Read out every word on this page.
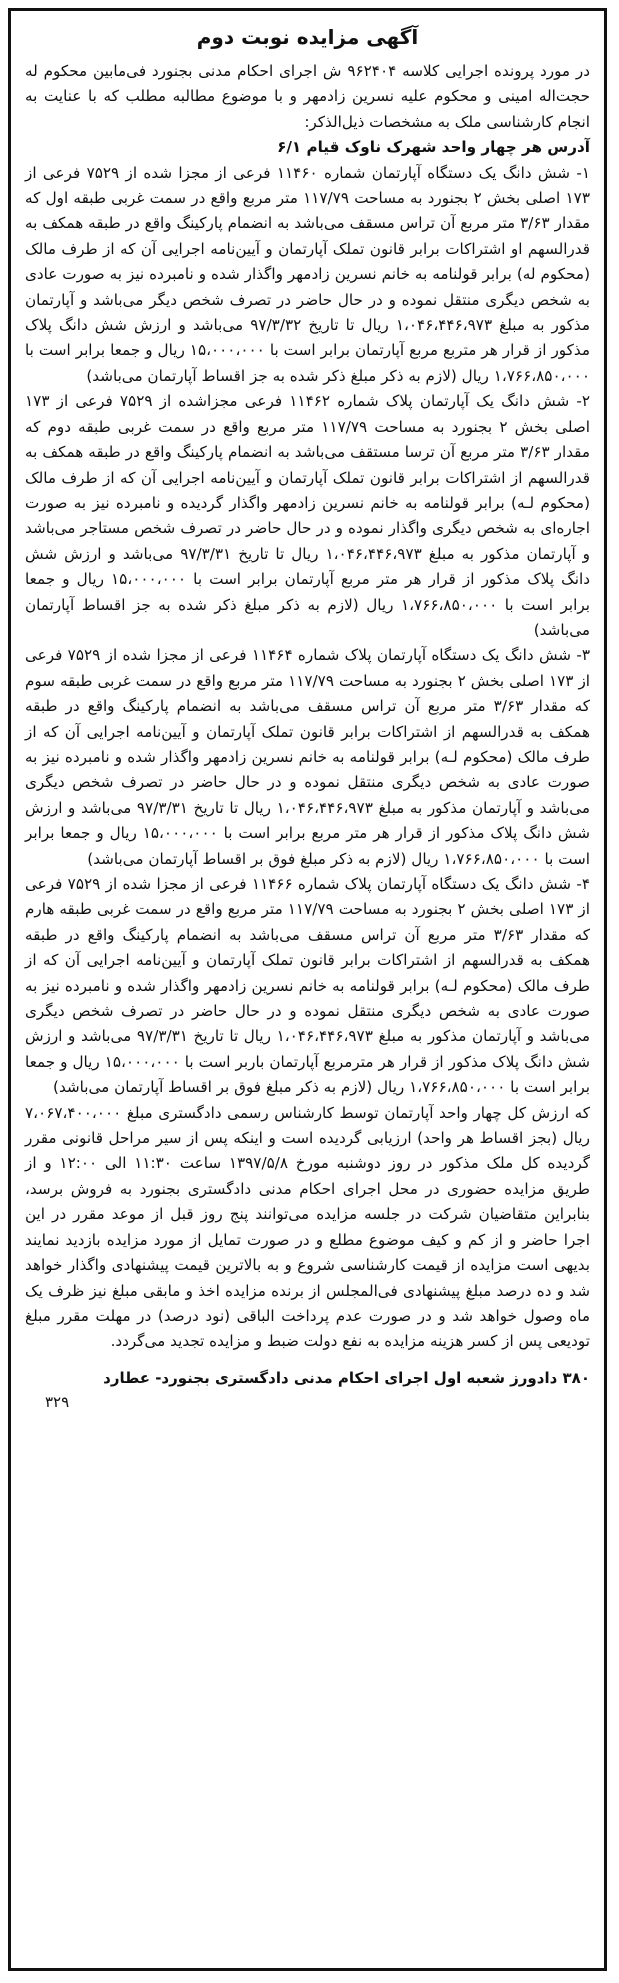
آگهی مزایده نوبت دوم

در مورد پرونده اجرایی کلاسه ۹۶۲۴۰۴ ش اجرای احکام مدنی بجنورد فی‌مابین محکوم له حجت‌اله امینی و محکوم علیه نسرین زادمهر و با موضوع مطالبه مطلب که با عنایت به انجام کارشناسی ملک به مشخصات ذیل‌الذکر:

آدرس هر چهار واحد شهرک ناوک قیام ۶/۱

۱- شش دانگ یک دستگاه آپارتمان شماره ۱۱۴۶۰ فرعی از مجزا شده از ۷۵۲۹ فرعی از ۱۷۳ اصلی بخش ۲ بجنورد به مساحت ۱۱۷/۷۹ متر مربع واقع در سمت غربی طبقه اول که مقدار ۳/۶۳ متر مربع آن تراس مسقف می‌باشد به انضمام پارکینگ واقع در طبقه همکف به قدرالسهم او اشتراکات برابر قانون تملک آپارتمان و آیین‌نامه اجرایی آن که از طرف مالک (محکوم له) برابر قولنامه به خانم نسرین زادمهر واگذار شده و نامبرده نیز به صورت عادی به شخص دیگری منتقل نموده و در حال حاضر در تصرف شخص دیگر می‌باشد و آپارتمان مذکور به مبلغ ۱،۰۴۶،۴۴۶،۹۷۳ ریال تا تاریخ ۹۷/۳/۳۲ می‌باشد و ارزش شش دانگ پلاک مذکور از قرار هر متربع مربع آپارتمان برابر است با ۱۵،۰۰۰،۰۰۰ ریال و جمعا برابر است با ۱،۷۶۶،۸۵۰،۰۰۰ ریال (لازم به ذکر مبلغ ذکر شده به جز اقساط آپارتمان می‌باشد)

۲- شش دانگ یک آپارتمان پلاک شماره ۱۱۴۶۲ فرعی مجزاشده از ۷۵۲۹ فرعی از ۱۷۳ اصلی بخش ۲ بجنورد به مساحت ۱۱۷/۷۹ متر مربع واقع در سمت غربی طبقه دوم که مقدار ۳/۶۳ متر مربع آن ترسا مستقف می‌باشد به انضمام پارکینگ واقع در طبقه همکف به قدرالسهم از اشتراکات برابر قانون تملک آپارتمان و آیین‌نامه اجرایی آن که از طرف مالک (محکوم لـه) برابر قولنامه به خانم نسرین زادمهر واگذار گردیده و نامبرده نیز به صورت اجاره‌ای به شخص دیگری واگذار نموده و در حال حاضر در تصرف شخص مستاجر می‌باشد و آپارتمان مذکور به مبلغ ۱،۰۴۶،۴۴۶،۹۷۳ ریال تا تاریخ ۹۷/۳/۳۱ می‌باشد و ارزش شش دانگ پلاک مذکور از قرار هر متر مربع آپارتمان برابر است با ۱۵،۰۰۰،۰۰۰ ریال و جمعا برابر است با ۱،۷۶۶،۸۵۰،۰۰۰ ریال (لازم به ذکر مبلغ ذکر شده به جز اقساط آپارتمان می‌باشد)

۳- شش دانگ یک دستگاه آپارتمان پلاک شماره ۱۱۴۶۴ فرعی از مجزا شده از ۷۵۲۹ فرعی از ۱۷۳ اصلی بخش ۲ بجنورد به مساحت ۱۱۷/۷۹ متر مربع واقع در سمت غربی طبقه سوم که مقدار ۳/۶۳ متر مربع آن تراس مسقف می‌باشد به انضمام پارکینگ واقع در طبقه همکف به قدرالسهم از اشتراکات برابر قانون تملک آپارتمان و آیین‌نامه اجرایی آن که از طرف مالک (محکوم لـه) برابر قولنامه به خانم نسرین زادمهر واگذار شده و نامبرده نیز به صورت عادی به شخص دیگری منتقل نموده و در حال حاضر در تصرف شخص دیگری می‌باشد و آپارتمان مذکور به مبلغ ۱،۰۴۶،۴۴۶،۹۷۳ ریال تا تاریخ ۹۷/۳/۳۱ می‌باشد و ارزش شش دانگ پلاک مذکور از قرار هر متر مربع برابر است با ۱۵،۰۰۰،۰۰۰ ریال و جمعا برابر است با ۱،۷۶۶،۸۵۰،۰۰۰ ریال (لازم به ذکر مبلغ فوق بر اقساط آپارتمان می‌باشد)

۴- شش دانگ یک دستگاه آپارتمان پلاک شماره ۱۱۴۶۶ فرعی از مجزا شده از ۷۵۲۹ فرعی از ۱۷۳ اصلی بخش ۲ بجنورد به مساحت ۱۱۷/۷۹ متر مربع واقع در سمت غربی طبقه هارم که مقدار ۳/۶۳ متر مربع آن تراس مسقف می‌باشد به انضمام پارکینگ واقع در طبقه همکف به قدرالسهم از اشتراکات برابر قانون تملک آپارتمان و آیین‌نامه اجرایی آن که از طرف مالک (محکوم لـه) برابر قولنامه به خانم نسرین زادمهر واگذار شده و نامبرده نیز به صورت عادی به شخص دیگری منتقل نموده و در حال حاضر در تصرف شخص دیگری می‌باشد و آپارتمان مذکور به مبلغ ۱،۰۴۶،۴۴۶،۹۷۳ ریال تا تاریخ ۹۷/۳/۳۱ می‌باشد و ارزش شش دانگ پلاک مذکور از قرار هر مترمربع آپارتمان باربر است با ۱۵،۰۰۰،۰۰۰ ریال و جمعا برابر است با ۱،۷۶۶،۸۵۰،۰۰۰ ریال (لازم به ذکر مبلغ فوق بر اقساط آپارتمان می‌باشد)

که ارزش کل چهار واحد آپارتمان توسط کارشناس رسمی دادگستری مبلغ ۷،۰۶۷،۴۰۰،۰۰۰ ریال (بجز اقساط هر واحد) ارزیابی گردیده است و اینکه پس از سیر مراحل قانونی مقرر گردیده کل ملک مذکور در روز دوشنبه مورخ ۱۳۹۷/۵/۸ ساعت ۱۱:۳۰ الی ۱۲:۰۰ و از طریق مزایده حضوری در محل اجرای احکام مدنی دادگستری بجنورد به فروش برسد، بنابراین متقاضیان شرکت در جلسه مزایده می‌توانند پنج روز قبل از موعد مقرر در این اجرا حاضر و از کم و کیف موضوع مطلع و در صورت تمایل از مورد مزایده بازدید نمایند بدیهی است مزایده از قیمت کارشناسی شروع و به بالاترین قیمت پیشنهادی واگذار خواهد شد و ده درصد مبلغ پیشنهادی فی‌المجلس از برنده مزایده اخذ و مابقی مبلغ نیز ظرف یک ماه وصول خواهد شد و در صورت عدم پرداخت الباقی (نود درصد) در مهلت مقرر مبلغ تودیعی پس از کسر هزینه مزایده به نفع دولت ضبط و مزایده تجدید می‌گردد.

۳۸۰ دادورز شعبه اول اجرای احکام مدنی دادگستری بجنورد- عطارد
۳۲۹
